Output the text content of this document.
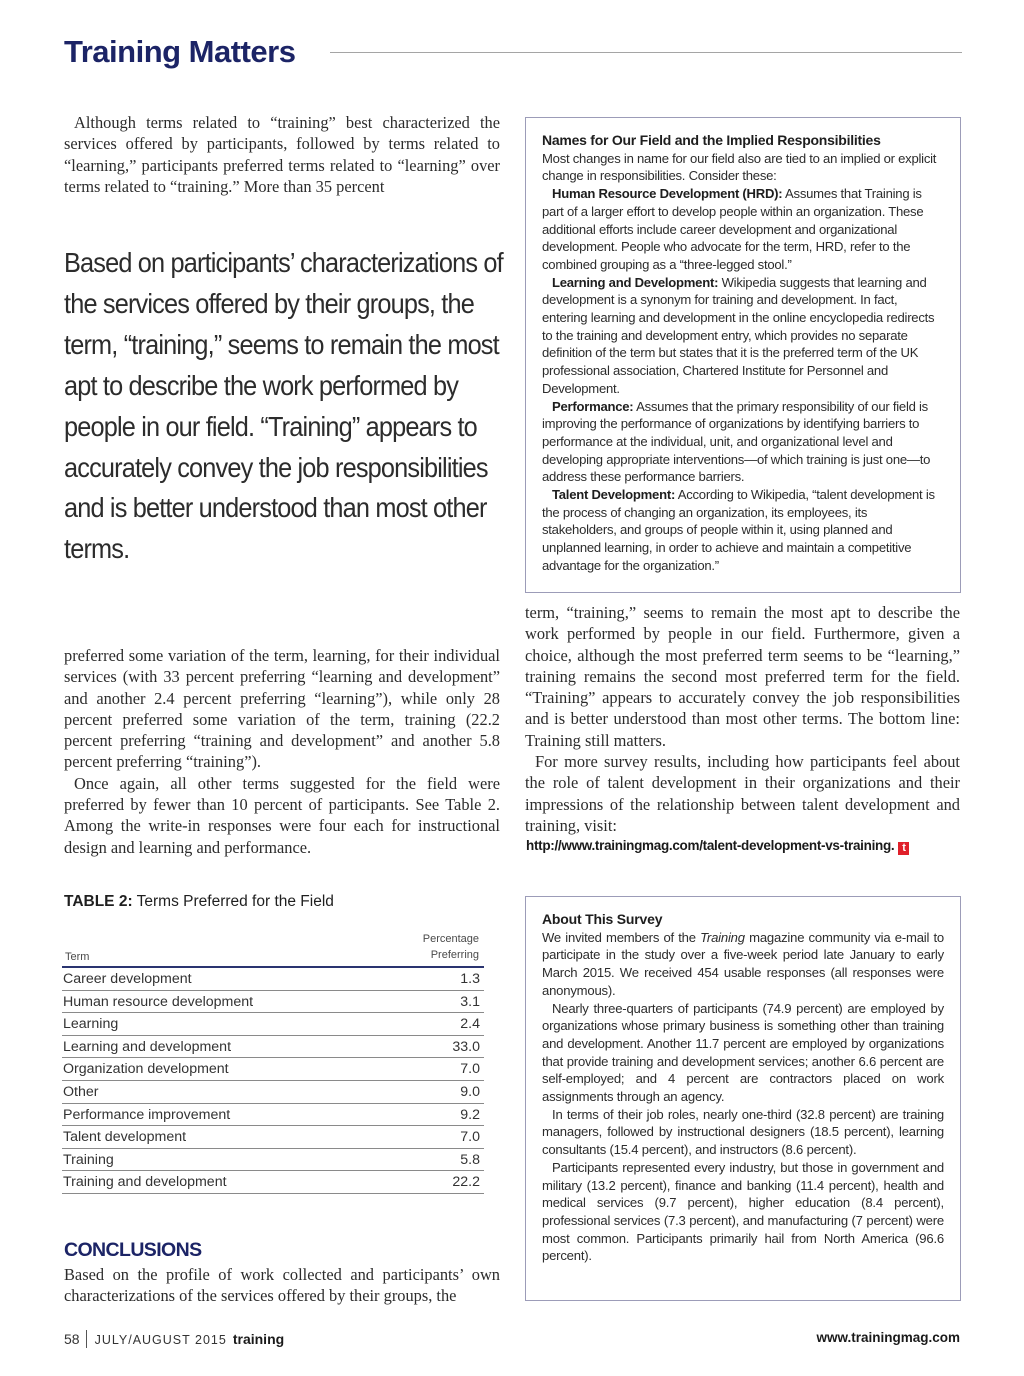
Training Matters

Although terms related to “training” best characterized the services offered by participants, followed by terms related to “learning,” participants preferred terms related to “learning” over terms related to “training.” More than 35 percent

Based on participants’ characterizations of the services offered by their groups, the term, “training,” seems to remain the most apt to describe the work performed by people in our field. “Training” appears to accurately convey the job responsibilities and is better understood than most other terms.

preferred some variation of the term, learning, for their individual services (with 33 percent preferring “learning and development” and another 2.4 percent preferring “learning”), while only 28 percent preferred some variation of the term, training (22.2 percent preferring “training and development” and another 5.8 percent preferring “training”).

Once again, all other terms suggested for the field were preferred by fewer than 10 percent of participants. See Table 2. Among the write-in responses were four each for instructional design and learning and performance.

Names for Our Field and the Implied Responsibilities

Most changes in name for our field also are tied to an implied or explicit change in responsibilities. Consider these:

Human Resource Development (HRD): Assumes that Training is part of a larger effort to develop people within an organization. These additional efforts include career development and organizational development. People who advocate for the term, HRD, refer to the combined grouping as a “three-legged stool.”

Learning and Development: Wikipedia suggests that learning and development is a synonym for training and development. In fact, entering learning and development in the online encyclopedia redirects to the training and development entry, which provides no separate definition of the term but states that it is the preferred term of the UK professional association, Chartered Institute for Personnel and Development.

Performance: Assumes that the primary responsibility of our field is improving the performance of organizations by identifying barriers to performance at the individual, unit, and organizational level and developing appropriate interventions—of which training is just one—to address these performance barriers.

Talent Development: According to Wikipedia, “talent development is the process of changing an organization, its employees, its stakeholders, and groups of people within it, using planned and unplanned learning, in order to achieve and maintain a competitive advantage for the organization.”

term, “training,” seems to remain the most apt to describe the work performed by people in our field. Furthermore, given a choice, although the most preferred term seems to be “learning,” training remains the second most preferred term for the field. “Training” appears to accurately convey the job responsibilities and is better understood than most other terms. The bottom line: Training still matters.

For more survey results, including how participants feel about the role of talent development in their organizations and their impressions of the relationship between talent development and training, visit:

http://www.trainingmag.com/talent-development-vs-training. t
TABLE 2: Terms Preferred for the Field
Term
Percentage
Preferring
Career development	1.3
Human resource development	3.1
Learning	2.4
Learning and development	33.0
Organization development	7.0
Other	9.0
Performance improvement	9.2
Talent development	7.0
Training	5.8
Training and development	22.2
CONCLUSIONS

Based on the profile of work collected and participants’ own characterizations of the services offered by their groups, the

About This Survey

We invited members of the Training magazine community via e-mail to participate in the study over a five-week period late January to early March 2015. We received 454 usable responses (all responses were anonymous).

Nearly three-quarters of participants (74.9 percent) are employed by organizations whose primary business is something other than training and development. Another 11.7 percent are employed by organizations that provide training and development services; another 6.6 percent are self-employed; and 4 percent are contractors placed on work assignments through an agency.

In terms of their job roles, nearly one-third (32.8 percent) are training managers, followed by instructional designers (18.5 percent), learning consultants (15.4 percent), and instructors (8.6 percent).

Participants represented every industry, but those in government and military (13.2 percent), finance and banking (11.4 percent), health and medical services (9.7 percent), higher education (8.4 percent), professional services (7.3 percent), and manufacturing (7 percent) were most common. Participants primarily hail from North America (96.6 percent).

58 JULY/AUGUST 2015 training	www.trainingmag.com
